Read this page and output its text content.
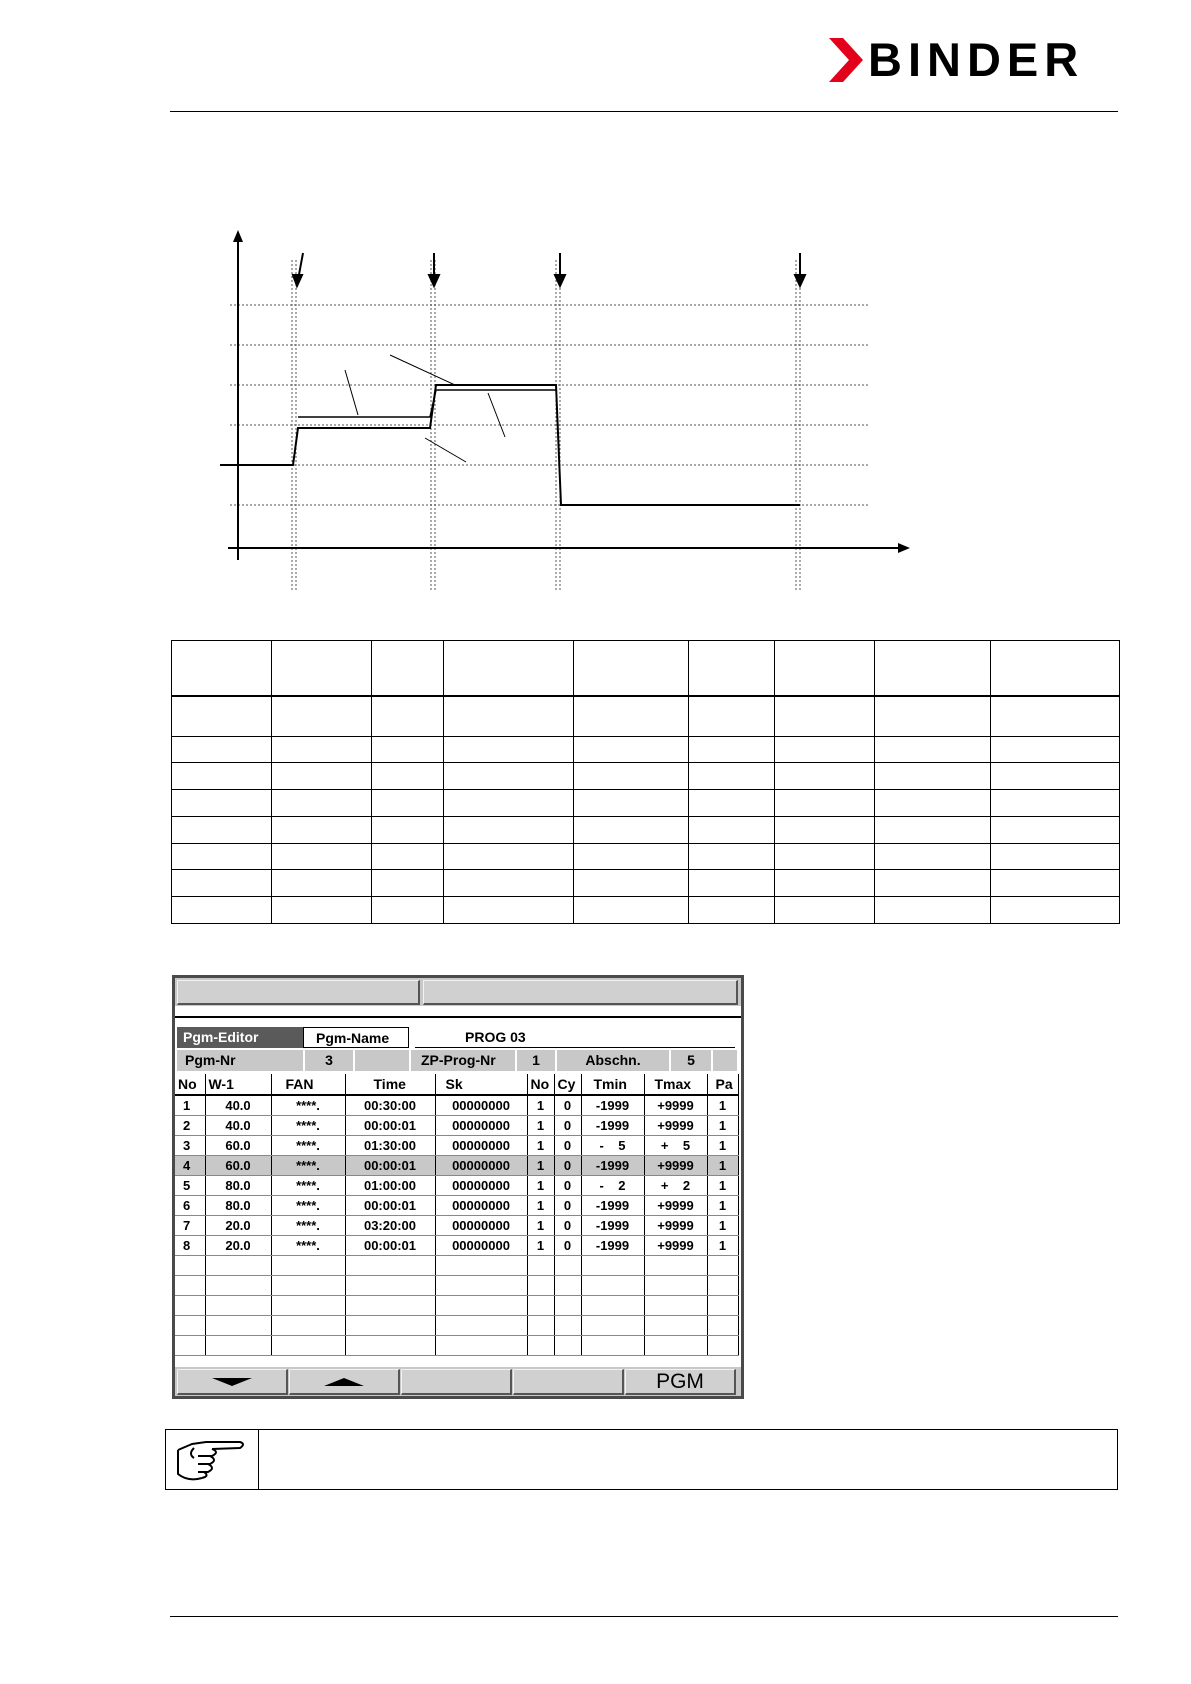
BINDER

Pgm-Editor	Pgm-Name	PROG 03
Pgm-Nr	3	ZP-Prog-Nr	1	Abschn.	5
No	W-1	FAN	Time	Sk	No	Cy	Tmin	Tmax	Pa
1	40.0	****.	00:30:00	00000000	1	0	-1999	+9999	1
2	40.0	****.	00:00:01	00000000	1	0	-1999	+9999	1
3	60.0	****.	01:30:00	00000000	1	0	-    5	+    5	1
4	60.0	****.	00:00:01	00000000	1	0	-1999	+9999	1
5	80.0	****.	01:00:00	00000000	1	0	-    2	+    2	1
6	80.0	****.	00:00:01	00000000	1	0	-1999	+9999	1
7	20.0	****.	03:20:00	00000000	1	0	-1999	+9999	1
8	20.0	****.	00:00:01	00000000	1	0	-1999	+9999	1

PGM
